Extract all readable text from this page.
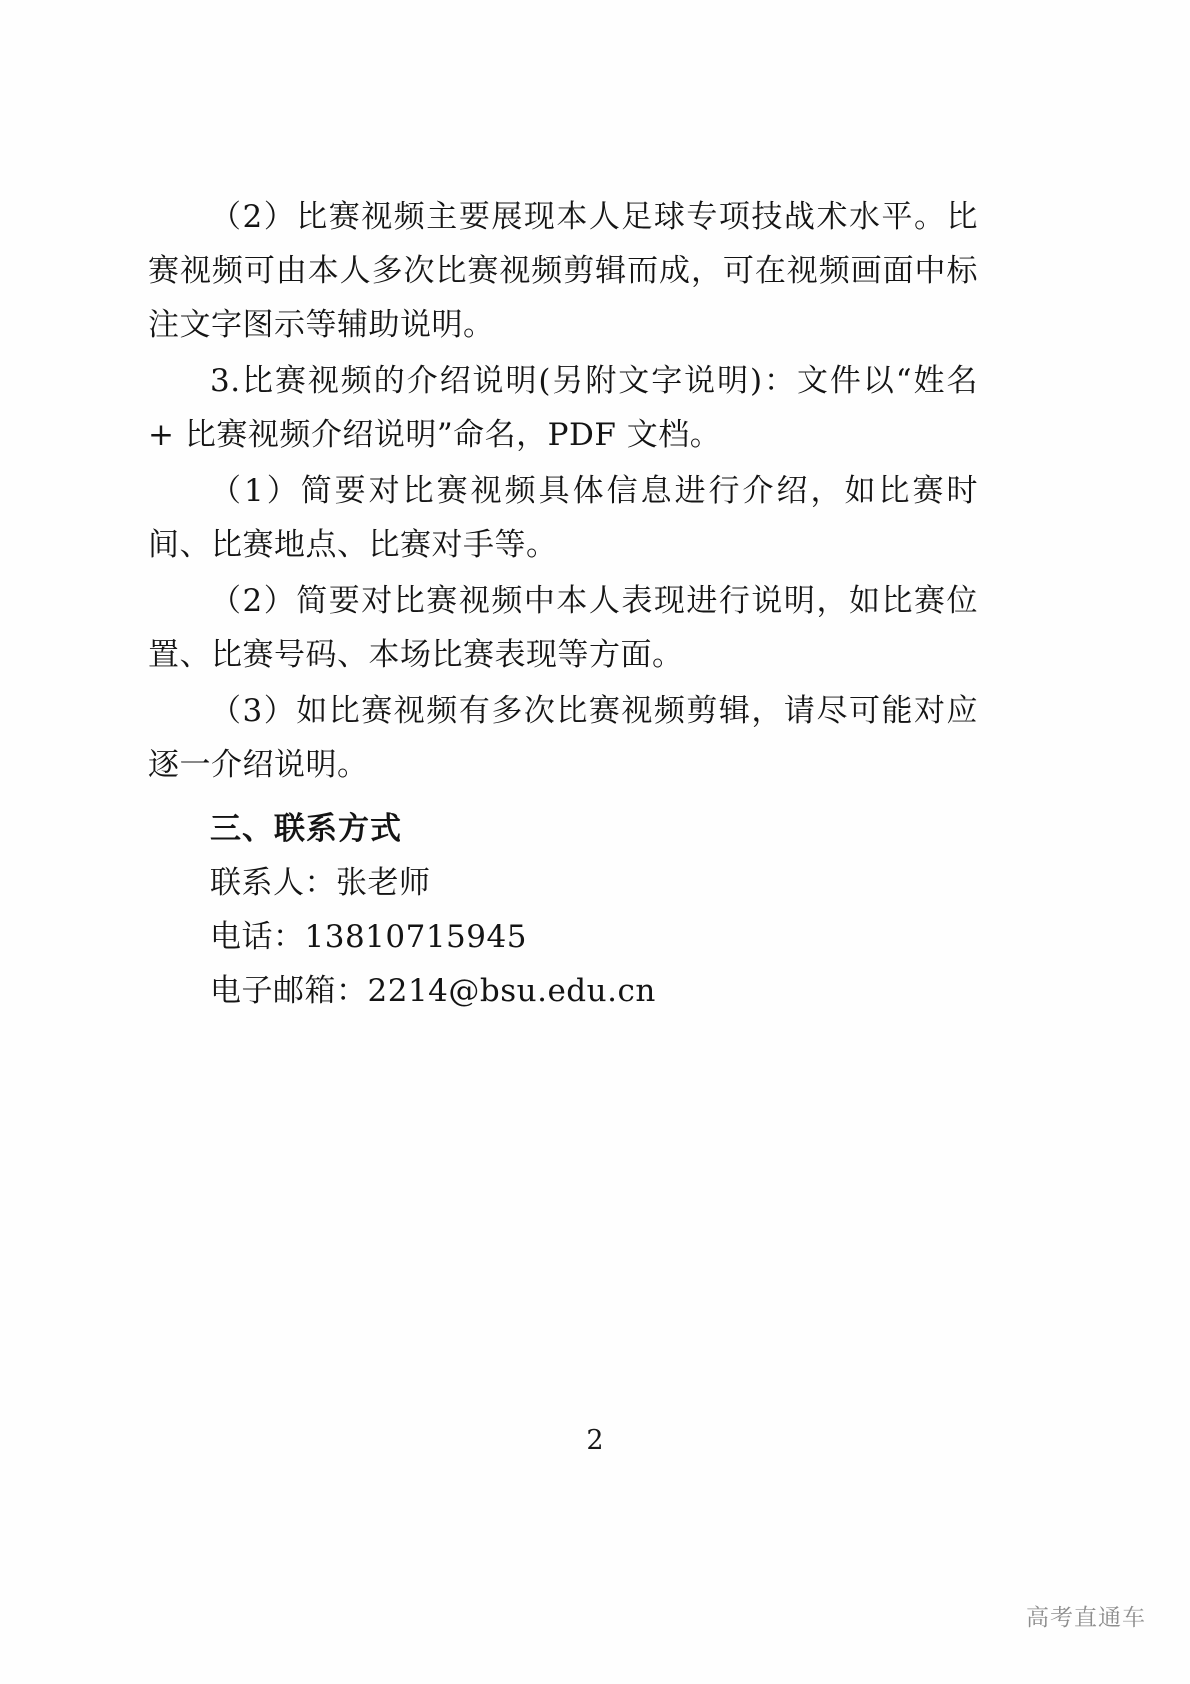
（2）比赛视频主要展现本人足球专项技战术水平。比赛视频可由本人多次比赛视频剪辑而成，可在视频画面中标注文字图示等辅助说明。

3.比赛视频的介绍说明(另附文字说明)：文件以“姓名 + 比赛视频介绍说明”命名，PDF 文档。

（1）简要对比赛视频具体信息进行介绍，如比赛时间、比赛地点、比赛对手等。

（2）简要对比赛视频中本人表现进行说明，如比赛位置、比赛号码、本场比赛表现等方面。

（3）如比赛视频有多次比赛视频剪辑，请尽可能对应逐一介绍说明。

三、联系方式

联系人：张老师

电话：13810715945

电子邮箱：2214@bsu.edu.cn

2
高考直通车
